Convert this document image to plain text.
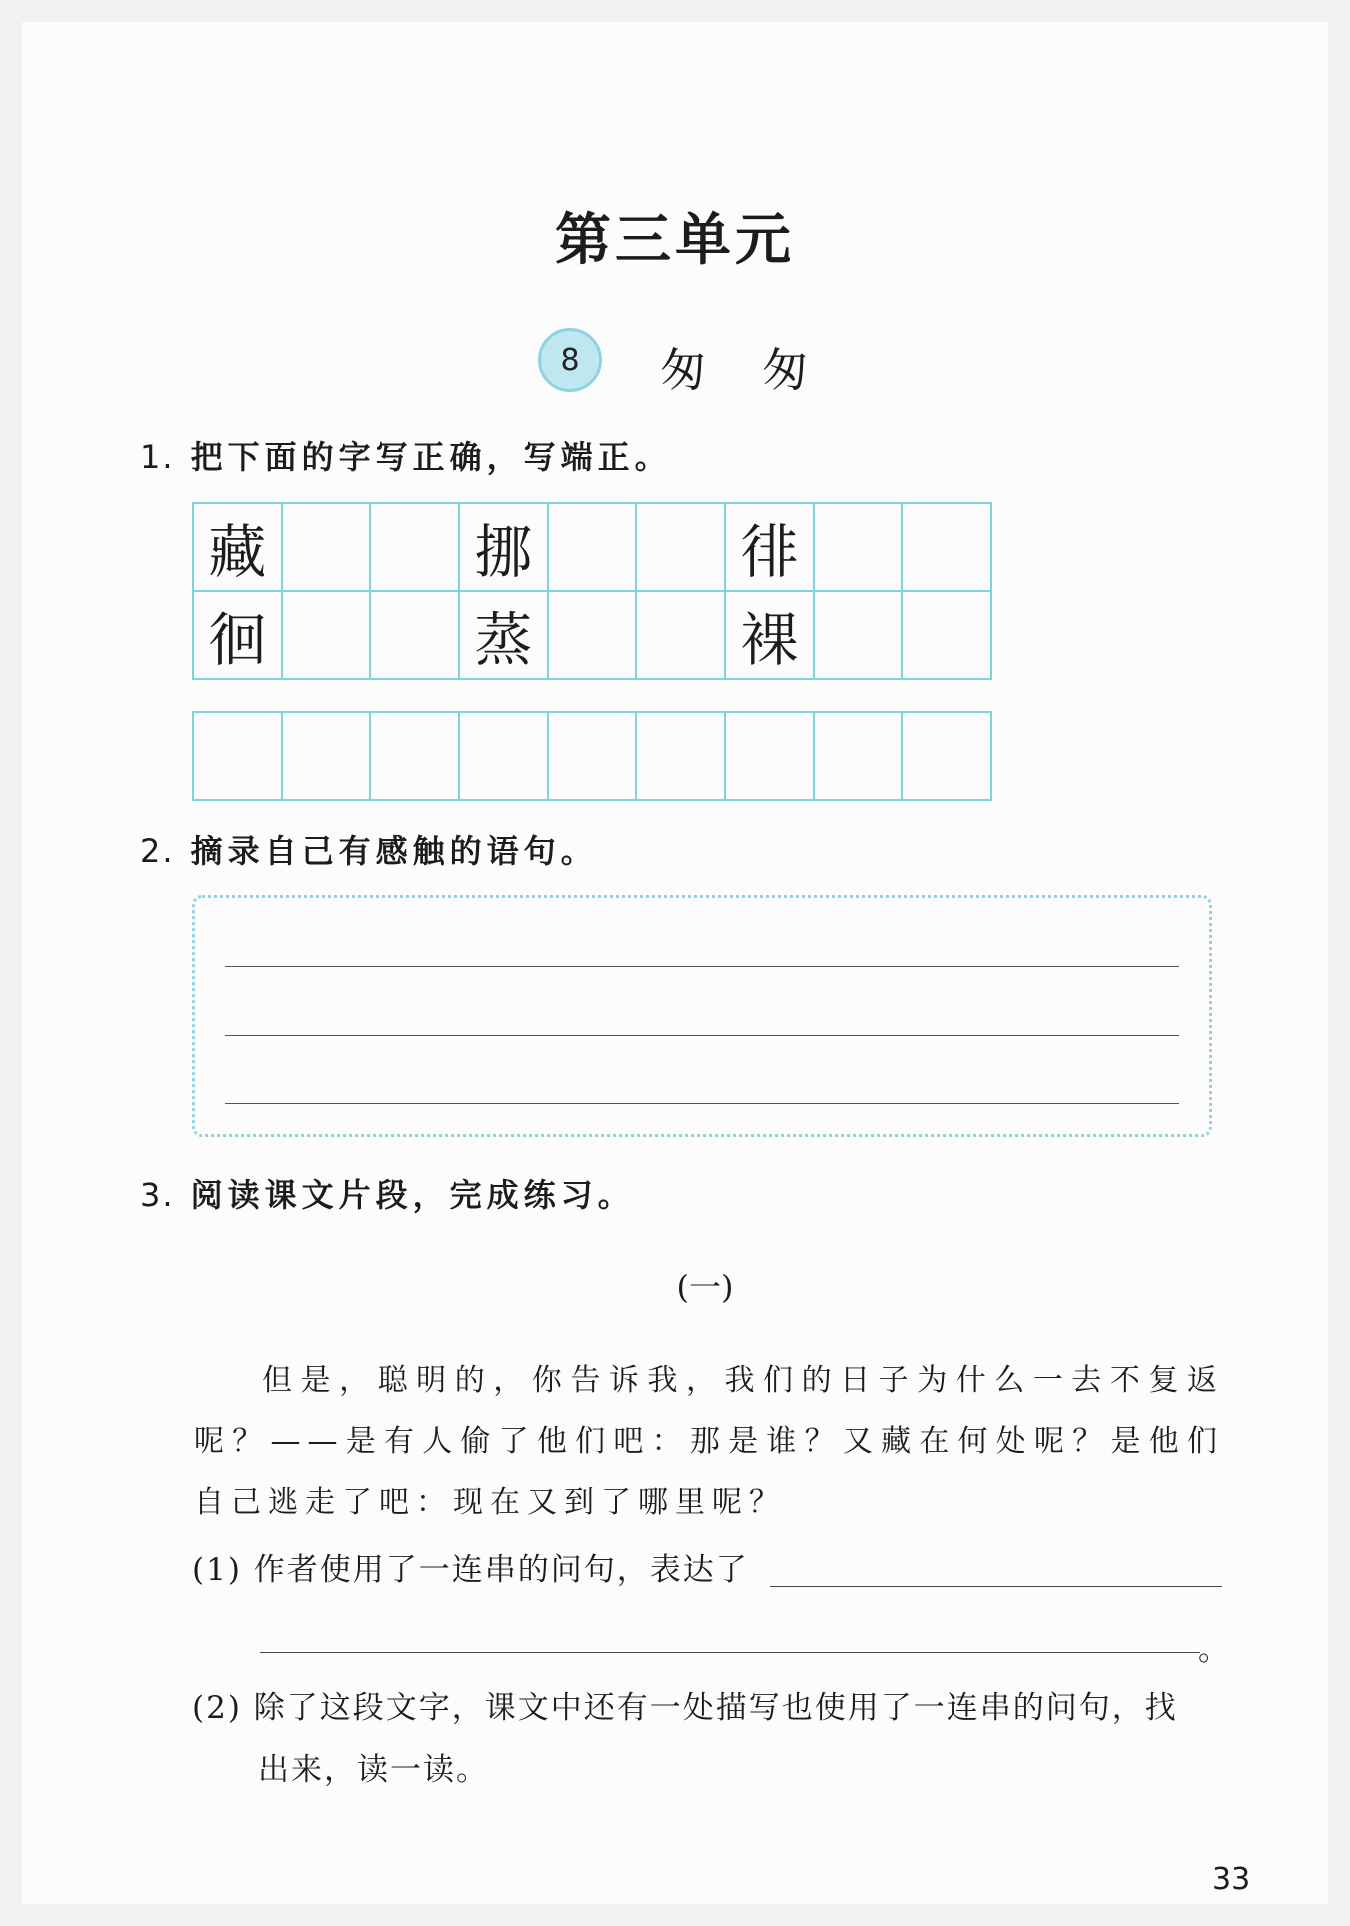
第三单元
8	匆匆
1. 把下面的字写正确，写端正。
藏	挪	徘
徊	蒸	裸
2. 摘录自己有感触的语句。
3. 阅读课文片段，完成练习。
(一)
但是，聪明的，你告诉我，我们的日子为什么一去不复返呢？——是有人偷了他们吧：那是谁？又藏在何处呢？是他们自己逃走了吧：现在又到了哪里呢？
(1) 作者使用了一连串的问句，表达了
。
(2) 除了这段文字，课文中还有一处描写也使用了一连串的问句，找
出来，读一读。
33
